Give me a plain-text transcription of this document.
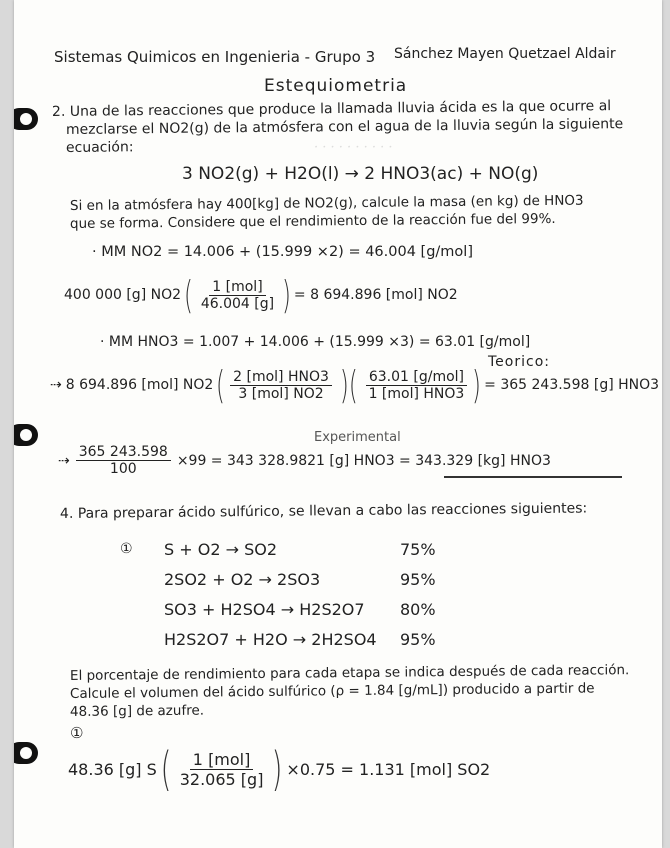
· · · · · · · · · ·
Sistemas Quimicos en Ingenieria - Grupo 3 Sánchez Mayen Quetzael Aldair
Estequiometria
2. Una de las reacciones que produce la llamada lluvia ácida es la que ocurre al
mezclarse el NO2(g) de la atmósfera con el agua de la lluvia según la siguiente
ecuación:
3 NO2(g) + H2O(l) → 2 HNO3(ac) + NO(g)
Si en la atmósfera hay 400[kg] de NO2(g), calcule la masa (en kg) de HNO3
que se forma. Considere que el rendimiento de la reacción fue del 99%.
· MM NO2 = 14.006 + (15.999 ×2) = 46.004 [g/mol]
400 000 [g] NO2 ( 1 [mol]
46.004 [g] ) = 8 694.896 [mol] NO2
· MM HNO3 = 1.007 + 14.006 + (15.999 ×3) = 63.01 [g/mol]
Teorico:
⇢ 8 694.896 [mol] NO2 ( 2 [mol] HNO3
3 [mol] NO2 )( 63.01 [g/mol]
1 [mol] HNO3 ) = 365 243.598 [g] HNO3
Experimental
⇢ $\frac{365 243.598}{100} \times 99 = 343$ 328.9821 [g] HNO3 = 343.329 [kg] HNO3
4. Para preparar ácido sulfúrico, se llevan a cabo las reacciones siguientes:
①	S + O2 → SO2	75%
2SO2 + O2 → 2SO3	95%
SO3 + H2SO4 → H2S2O7	80%
H2S2O7 + H2O → 2H2SO4	95%
El porcentaje de rendimiento para cada etapa se indica después de cada reacción.
Calcule el volumen del ácido sulfúrico (ρ = 1.84 [g/mL]) producido a partir de
48.36 [g] de azufre.
①
48.36 [g] S ( 1 [mol]
32.065 [g] ) ×0.75 = 1.131 [mol] SO2
